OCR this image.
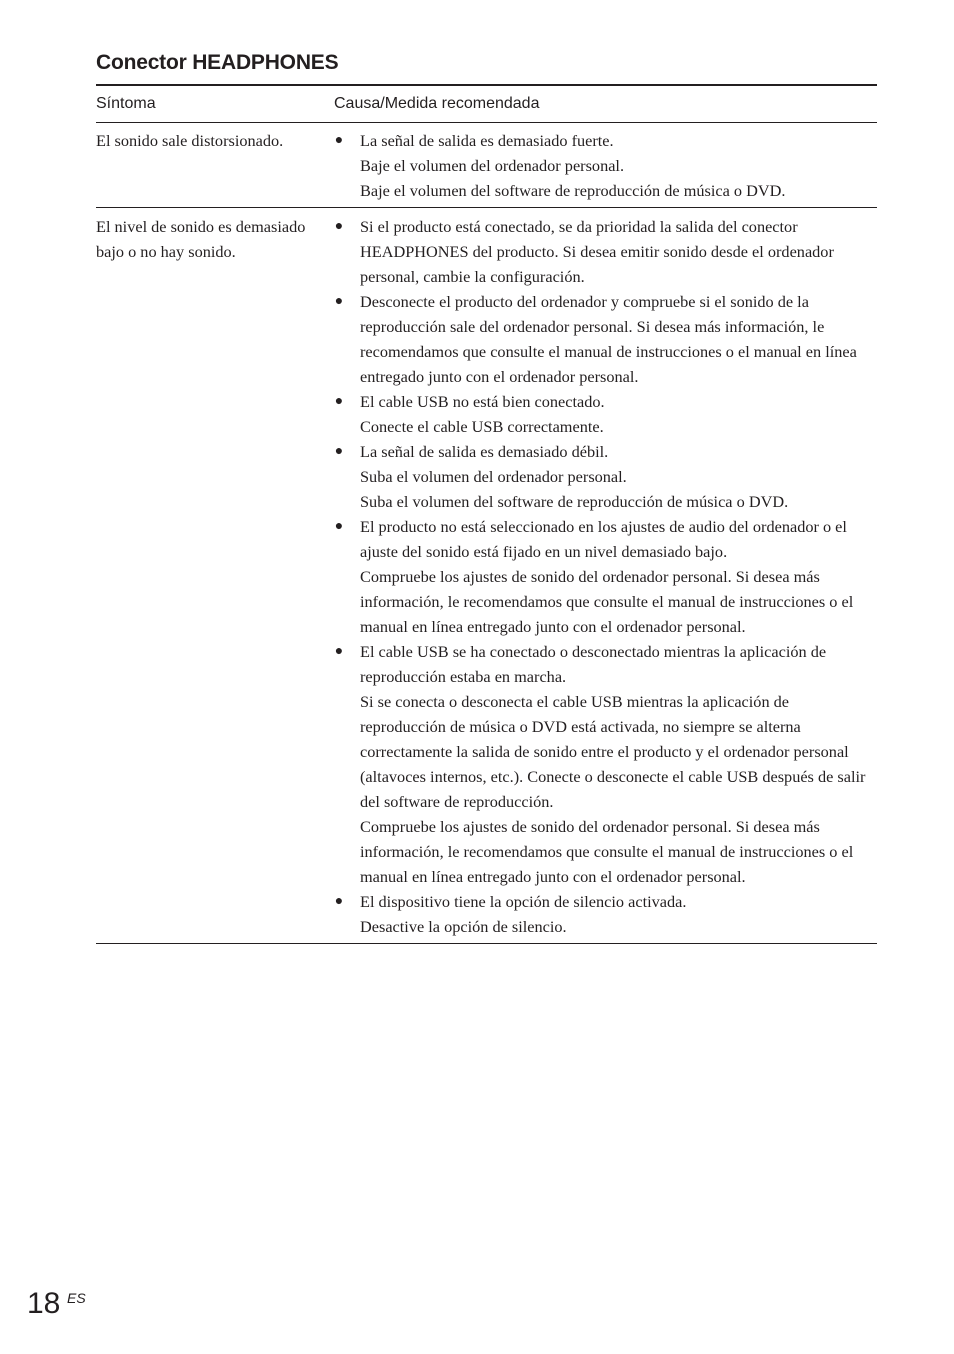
Conector HEADPHONES
Síntoma	Causa/Medida recomendada
El sonido sale distorsionado.	● La señal de salida es demasiado fuerte.
Baje el volumen del ordenador personal.
Baje el volumen del software de reproducción de música o DVD.
El nivel de sonido es demasiado bajo o no hay sonido.
● Si el producto está conectado, se da prioridad la salida del conector HEADPHONES del producto. Si desea emitir sonido desde el ordenador personal, cambie la configuración.
● Desconecte el producto del ordenador y compruebe si el sonido de la reproducción sale del ordenador personal. Si desea más información, le recomendamos que consulte el manual de instrucciones o el manual en línea entregado junto con el ordenador personal.
● El cable USB no está bien conectado.
Conecte el cable USB correctamente.
● La señal de salida es demasiado débil.
Suba el volumen del ordenador personal.
Suba el volumen del software de reproducción de música o DVD.
● El producto no está seleccionado en los ajustes de audio del ordenador o el ajuste del sonido está fijado en un nivel demasiado bajo.
Compruebe los ajustes de sonido del ordenador personal. Si desea más información, le recomendamos que consulte el manual de instrucciones o el manual en línea entregado junto con el ordenador personal.
● El cable USB se ha conectado o desconectado mientras la aplicación de reproducción estaba en marcha.
Si se conecta o desconecta el cable USB mientras la aplicación de reproducción de música o DVD está activada, no siempre se alterna correctamente la salida de sonido entre el producto y el ordenador personal (altavoces internos, etc.). Conecte o desconecte el cable USB después de salir del software de reproducción.
Compruebe los ajustes de sonido del ordenador personal. Si desea más información, le recomendamos que consulte el manual de instrucciones o el manual en línea entregado junto con el ordenador personal.
● El dispositivo tiene la opción de silencio activada.
Desactive la opción de silencio.
18 ES
